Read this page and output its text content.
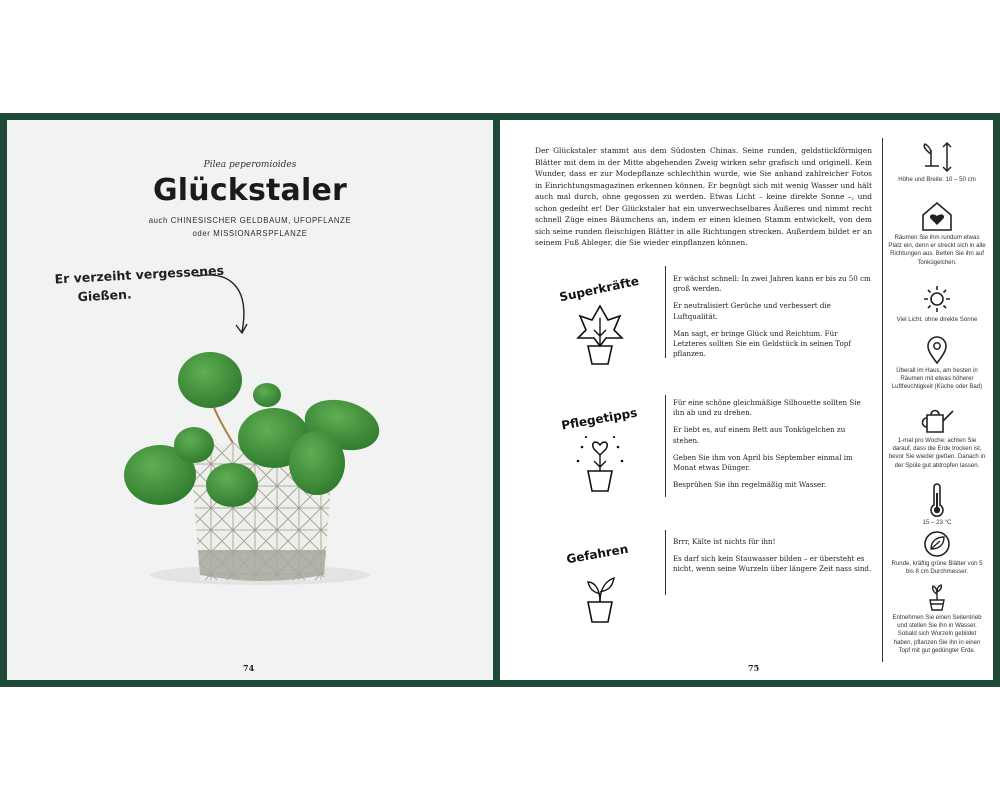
Pilea peperomioides
Glückstaler
auch CHINESISCHER GELDBAUM, UFOPFLANZE
oder MISSIONARSPFLANZE
Er verzeiht vergessenes
Gießen.
74
Der Glückstaler stammt aus dem Südosten Chinas. Seine runden, geldstückförmigen Blätter mit dem in der Mitte abgehenden Zweig wirken sehr grafisch und originell. Kein Wunder, dass er zur Modepflanze schlechthin wurde, wie Sie anhand zahlreicher Fotos in Einrichtungsmagazinen erkennen können. Er begnügt sich mit wenig Wasser und hält auch mal durch, ohne gegossen zu werden. Etwas Licht – keine direkte Sonne –, und schon gedeiht er! Der Glückstaler hat ein unverwechselbares Äußeres und nimmt recht schnell Züge eines Bäumchens an, indem er einen kleinen Stamm entwickelt, von dem sich seine runden fleischigen Blätter in alle Richtungen strecken. Außerdem bildet er an seinem Fuß Ableger, die Sie wieder einpflanzen können.
Superkräfte	Er wächst schnell: In zwei Jahren kann er bis zu 50 cm groß werden.

Er neutralisiert Gerüche und verbessert die Luftqualität.

Man sagt, er bringe Glück und Reichtum. Für Letzteres sollten Sie ein Geldstück in seinen Topf pflanzen.

Pflegetipps

Für eine schöne gleichmäßige Silhouette sollten Sie ihn ab und zu drehen.

Er liebt es, auf einem Bett aus Tonkügelchen zu stehen.

Geben Sie ihm von April bis September einmal im Monat etwas Dünger.

Besprühen Sie ihn regelmäßig mit Wasser.

Gefahren

Brrr, Kälte ist nichts für ihn!

Es darf sich kein Stauwasser bilden – er übersteht es nicht, wenn seine Wurzeln über längere Zeit nass sind.

75
Höhe und Breite: 10 – 50 cm
Räumen Sie ihm rundum etwas Platz ein, denn er streckt sich in alle Richtungen aus. Betten Sie ihn auf Tonkügelchen.
Viel Licht, ohne direkte Sonne
Überall im Haus, am besten in Räumen mit etwas höherer Luftfeuchtigkeit (Küche oder Bad)
1-mal pro Woche; achten Sie darauf, dass die Erde trocken ist, bevor Sie wieder gießen. Danach in der Spüle gut abtropfen lassen.
15 – 23 °C
Runde, kräftig grüne Blätter von 5 bis 8 cm Durchmesser.
Entnehmen Sie einen Seitentrieb und stellen Sie ihn in Wasser. Sobald sich Wurzeln gebildet haben, pflanzen Sie ihn in einen Topf mit gut gedüngter Erde.
